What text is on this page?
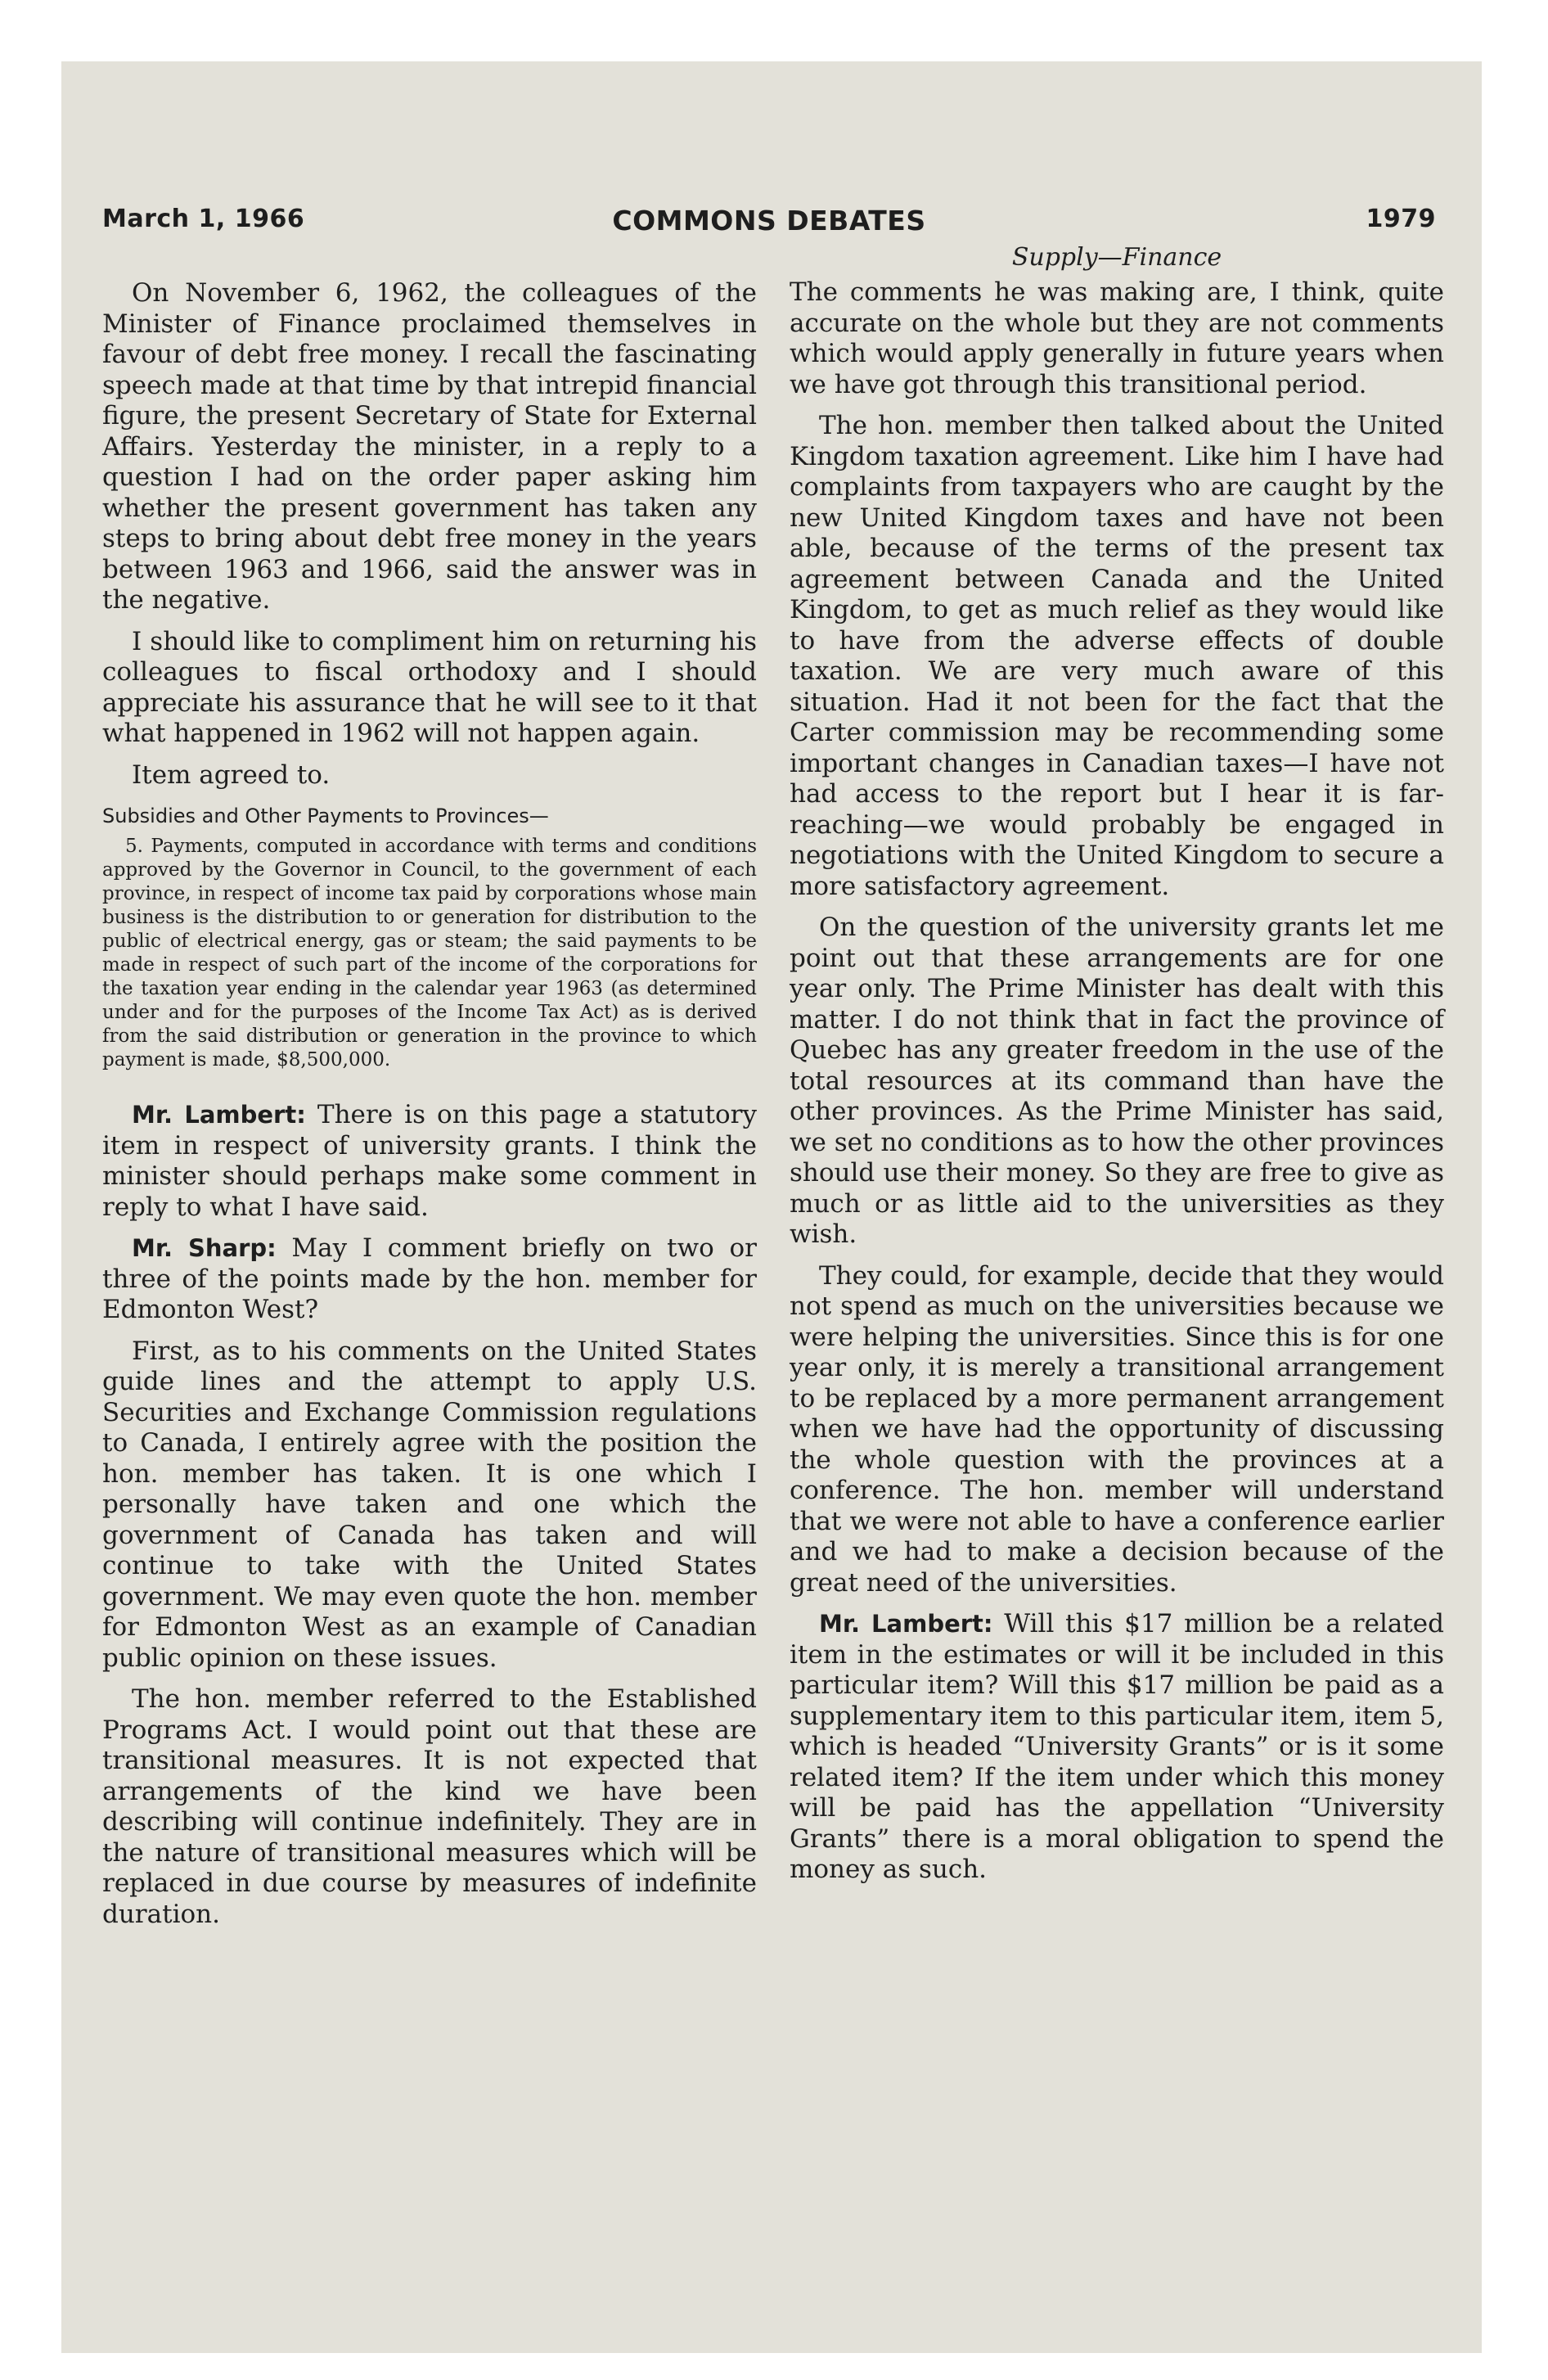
March 1, 1966	COMMONS DEBATES	1979

On November 6, 1962, the colleagues of the Minister of Finance proclaimed themselves in favour of debt free money. I recall the fascinating speech made at that time by that intrepid financial figure, the present Secretary of State for External Affairs. Yesterday the minister, in a reply to a question I had on the order paper asking him whether the present government has taken any steps to bring about debt free money in the years between 1963 and 1966, said the answer was in the negative.

I should like to compliment him on returning his colleagues to fiscal orthodoxy and I should appreciate his assurance that he will see to it that what happened in 1962 will not happen again.

Item agreed to.

Subsidies and Other Payments to Provinces—

5. Payments, computed in accordance with terms and conditions approved by the Governor in Council, to the government of each province, in respect of income tax paid by corporations whose main business is the distribution to or generation for distribution to the public of electrical energy, gas or steam; the said payments to be made in respect of such part of the income of the corporations for the taxation year ending in the calendar year 1963 (as determined under and for the purposes of the Income Tax Act) as is derived from the said distribution or generation in the province to which payment is made, $8,500,000.

Mr. Lambert: There is on this page a statutory item in respect of university grants. I think the minister should perhaps make some comment in reply to what I have said.

Mr. Sharp: May I comment briefly on two or three of the points made by the hon. member for Edmonton West?

First, as to his comments on the United States guide lines and the attempt to apply U.S. Securities and Exchange Commission regulations to Canada, I entirely agree with the position the hon. member has taken. It is one which I personally have taken and one which the government of Canada has taken and will continue to take with the United States government. We may even quote the hon. member for Edmonton West as an example of Canadian public opinion on these issues.

The hon. member referred to the Established Programs Act. I would point out that these are transitional measures. It is not expected that arrangements of the kind we have been describing will continue indefinitely. They are in the nature of transitional measures which will be replaced in due course by measures of indefinite duration.

Supply—Finance

The comments he was making are, I think, quite accurate on the whole but they are not comments which would apply generally in future years when we have got through this transitional period.

The hon. member then talked about the United Kingdom taxation agreement. Like him I have had complaints from taxpayers who are caught by the new United Kingdom taxes and have not been able, because of the terms of the present tax agreement between Canada and the United Kingdom, to get as much relief as they would like to have from the adverse effects of double taxation. We are very much aware of this situation. Had it not been for the fact that the Carter commission may be recommending some important changes in Canadian taxes—I have not had access to the report but I hear it is far-reaching—we would probably be engaged in negotiations with the United Kingdom to secure a more satisfactory agreement.

On the question of the university grants let me point out that these arrangements are for one year only. The Prime Minister has dealt with this matter. I do not think that in fact the province of Quebec has any greater freedom in the use of the total resources at its command than have the other provinces. As the Prime Minister has said, we set no conditions as to how the other provinces should use their money. So they are free to give as much or as little aid to the universities as they wish.

They could, for example, decide that they would not spend as much on the universities because we were helping the universities. Since this is for one year only, it is merely a transitional arrangement to be replaced by a more permanent arrangement when we have had the opportunity of discussing the whole question with the provinces at a conference. The hon. member will understand that we were not able to have a conference earlier and we had to make a decision because of the great need of the universities.

Mr. Lambert: Will this $17 million be a related item in the estimates or will it be included in this particular item? Will this $17 million be paid as a supplementary item to this particular item, item 5, which is headed “University Grants” or is it some related item? If the item under which this money will be paid has the appellation “University Grants” there is a moral obligation to spend the money as such.
